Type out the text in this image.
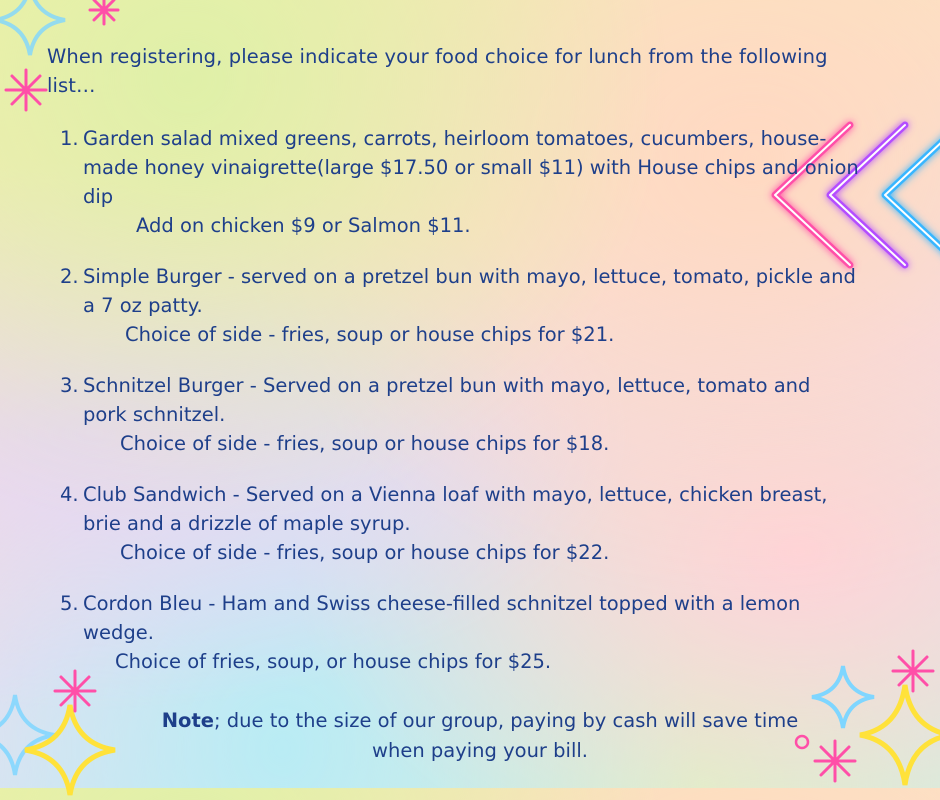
When registering, please indicate your food choice for lunch from the following list…
1. Garden salad mixed greens, carrots, heirloom tomatoes, cucumbers, house-made honey vinaigrette(large $17.50 or small $11) with House chips and onion dip
Add on chicken $9 or Salmon $11.
2. Simple Burger - served on a pretzel bun with mayo, lettuce, tomato, pickle and a 7 oz patty.
Choice of side - fries, soup or house chips for $21.
3. Schnitzel Burger - Served on a pretzel bun with mayo, lettuce, tomato and pork schnitzel.
Choice of side - fries, soup or house chips for $18.
4. Club Sandwich - Served on a Vienna loaf with mayo, lettuce, chicken breast, brie and a drizzle of maple syrup.
Choice of side - fries, soup or house chips for $22.
5. Cordon Bleu - Ham and Swiss cheese-filled schnitzel topped with a lemon wedge.
Choice of fries, soup, or house chips for $25.
Note; due to the size of our group, paying by cash will save time when paying your bill.
